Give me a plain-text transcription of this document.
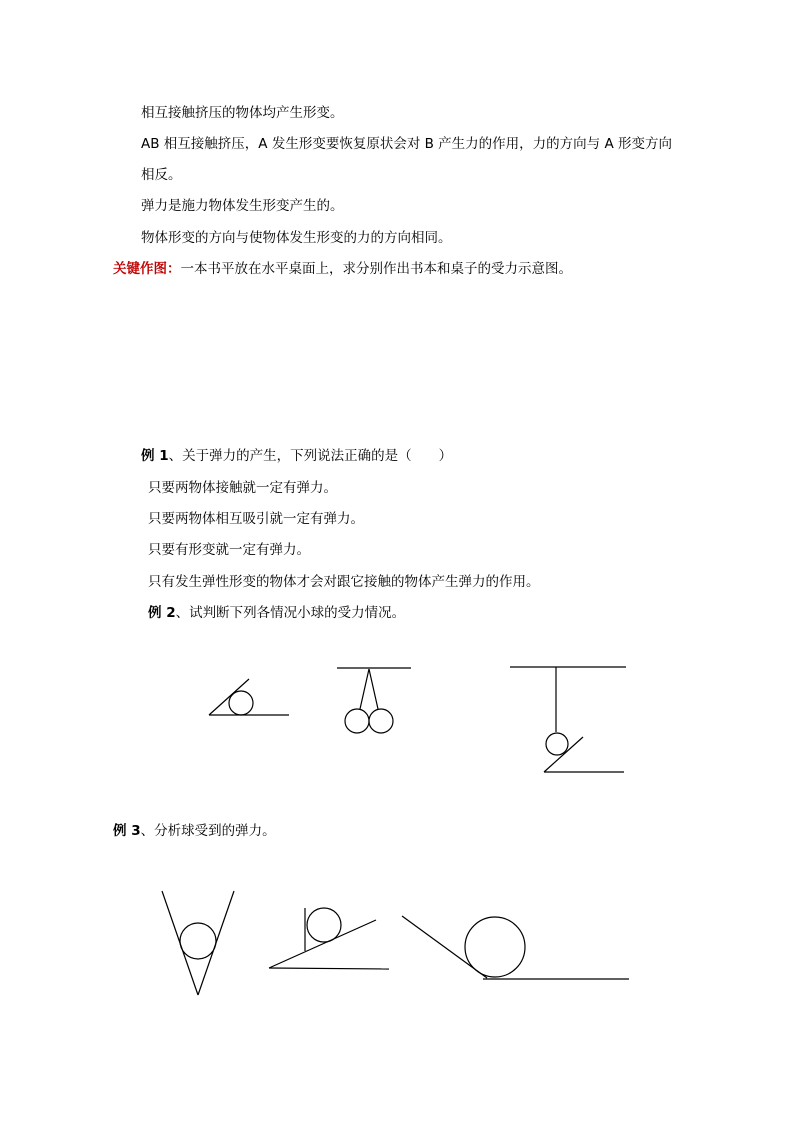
相互接触挤压的物体均产生形变。
AB 相互接触挤压，A 发生形变要恢复原状会对 B 产生力的作用，力的方向与 A 形变方向
相反。
弹力是施力物体发生形变产生的。
物体形变的方向与使物体发生形变的力的方向相同。
关键作图：一本书平放在水平桌面上，求分别作出书本和桌子的受力示意图。
例 1、关于弹力的产生，下列说法正确的是（　　）
只要两物体接触就一定有弹力。
只要两物体相互吸引就一定有弹力。
只要有形变就一定有弹力。
只有发生弹性形变的物体才会对跟它接触的物体产生弹力的作用。
例 2、试判断下列各情况小球的受力情况。
例 3、分析球受到的弹力。
